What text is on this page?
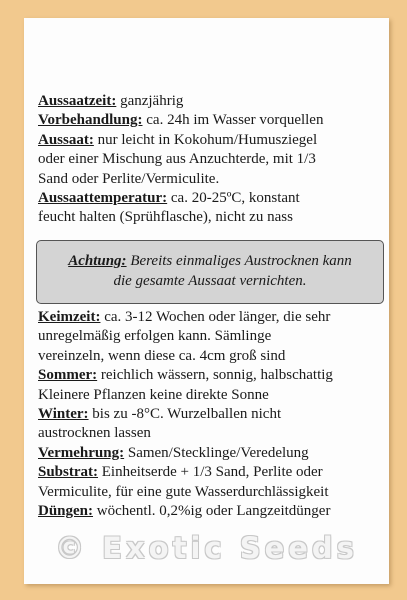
Aussaatzeit: ganzjährig
Vorbehandlung: ca. 24h im Wasser vorquellen
Aussaat: nur leicht in Kokohum/Humusziegel
oder einer Mischung aus Anzuchterde, mit 1/3
Sand oder Perlite/Vermiculite.
Aussaattemperatur: ca. 20-25ºC, konstant
feucht halten (Sprühflasche), nicht zu nass
Achtung: Bereits einmaliges Austrocknen kann
die gesamte Aussaat vernichten.
Keimzeit: ca. 3-12 Wochen oder länger, die sehr
unregelmäßig erfolgen kann. Sämlinge
vereinzeln, wenn diese ca. 4cm groß sind
Sommer: reichlich wässern, sonnig, halbschattig
Kleinere Pflanzen keine direkte Sonne
Winter: bis zu -8°C. Wurzelballen nicht
austrocknen lassen
Vermehrung: Samen/Stecklinge/Veredelung
Substrat: Einheitserde + 1/3 Sand, Perlite oder
Vermiculite, für eine gute Wasserdurchlässigkeit
Düngen: wöchentl. 0,2%ig oder Langzeitdünger
© Exotic Seeds
